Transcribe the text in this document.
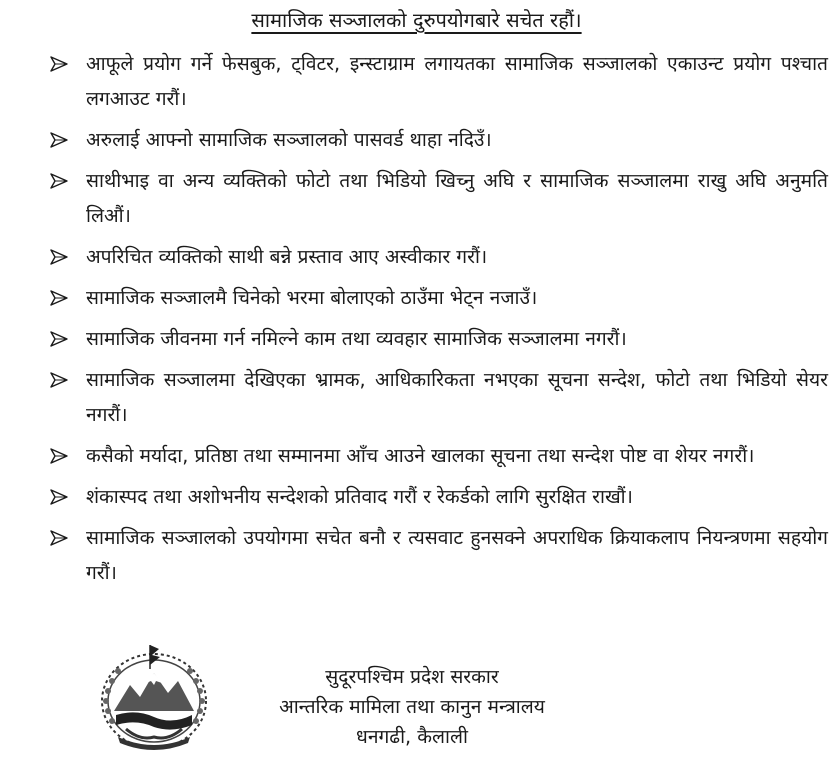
सामाजिक सञ्जालको दुरुपयोगबारे सचेत रहौं।
आफूले प्रयोग गर्ने फेसबुक, ट्विटर, इन्स्टाग्राम लगायतका सामाजिक सञ्जालको एकाउन्ट प्रयोग पश्चात लगआउट गरौं।
अरुलाई आफ्नो सामाजिक सञ्जालको पासवर्ड थाहा नदिउँ।
साथीभाइ वा अन्य व्यक्तिको फोटो तथा भिडियो खिच्नु अघि र सामाजिक सञ्जालमा राखु अघि अनुमति लिऔं।
अपरिचित व्यक्तिको साथी बन्ने प्रस्ताव आए अस्वीकार गरौं।
सामाजिक सञ्जालमै चिनेको भरमा बोलाएको ठाउँमा भेट्न नजाउँ।
सामाजिक जीवनमा गर्न नमिल्ने काम तथा व्यवहार सामाजिक सञ्जालमा नगरौं।
सामाजिक सञ्जालमा देखिएका भ्रामक, आधिकारिकता नभएका सूचना सन्देश, फोटो तथा भिडियो सेयर नगरौं।
कसैको मर्यादा, प्रतिष्ठा तथा सम्मानमा आँच आउने खालका सूचना तथा सन्देश पोष्ट वा शेयर नगरौं।
शंकास्पद तथा अशोभनीय सन्देशको प्रतिवाद गरौं र रेकर्डको लागि सुरक्षित राखौं।
सामाजिक सञ्जालको उपयोगमा सचेत बनौ र त्यसवाट हुनसक्ने अपराधिक क्रियाकलाप नियन्त्रणमा सहयोग गरौं।
सुदूरपश्चिम प्रदेश सरकार
आन्तरिक मामिला तथा कानुन मन्त्रालय
धनगढी, कैलाली
